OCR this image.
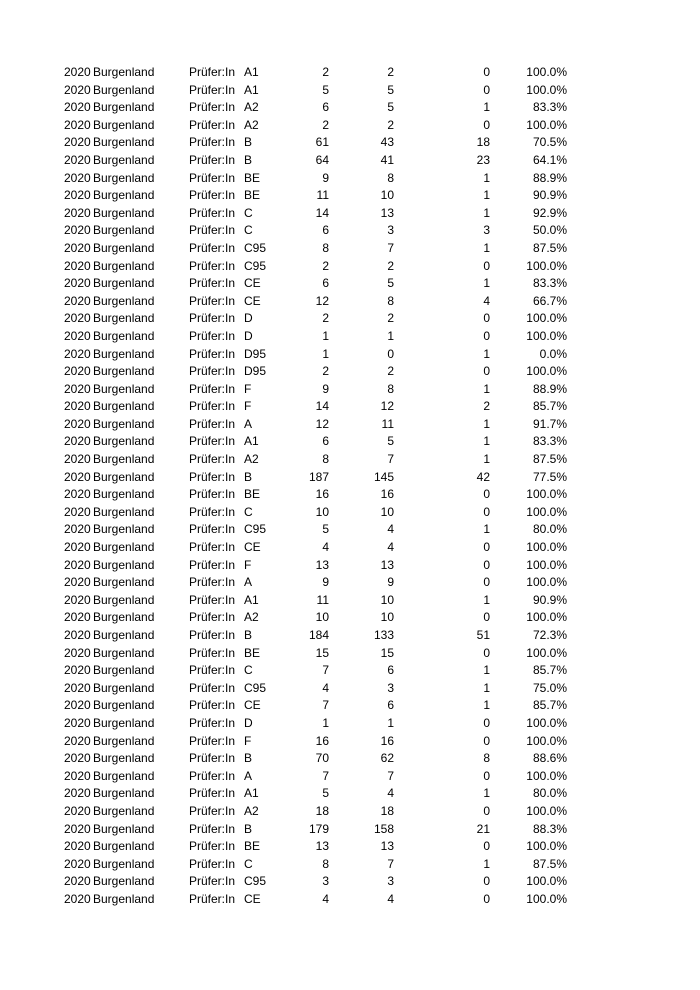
2020 Burgenland	Prüfer:In A1	2	2	0	100.0%
2020 Burgenland	Prüfer:In A1	5	5	0	100.0%
2020 Burgenland	Prüfer:In A2	6	5	1	83.3%
2020 Burgenland	Prüfer:In A2	2	2	0	100.0%
2020 Burgenland	Prüfer:In B	61	43	18	70.5%
2020 Burgenland	Prüfer:In B	64	41	23	64.1%
2020 Burgenland	Prüfer:In BE	9	8	1	88.9%
2020 Burgenland	Prüfer:In BE	11	10	1	90.9%
2020 Burgenland	Prüfer:In C	14	13	1	92.9%
2020 Burgenland	Prüfer:In C	6	3	3	50.0%
2020 Burgenland	Prüfer:In C95	8	7	1	87.5%
2020 Burgenland	Prüfer:In C95	2	2	0	100.0%
2020 Burgenland	Prüfer:In CE	6	5	1	83.3%
2020 Burgenland	Prüfer:In CE	12	8	4	66.7%
2020 Burgenland	Prüfer:In D	2	2	0	100.0%
2020 Burgenland	Prüfer:In D	1	1	0	100.0%
2020 Burgenland	Prüfer:In D95	1	0	1	0.0%
2020 Burgenland	Prüfer:In D95	2	2	0	100.0%
2020 Burgenland	Prüfer:In F	9	8	1	88.9%
2020 Burgenland	Prüfer:In F	14	12	2	85.7%
2020 Burgenland	Prüfer:In A	12	11	1	91.7%
2020 Burgenland	Prüfer:In A1	6	5	1	83.3%
2020 Burgenland	Prüfer:In A2	8	7	1	87.5%
2020 Burgenland	Prüfer:In B	187	145	42	77.5%
2020 Burgenland	Prüfer:In BE	16	16	0	100.0%
2020 Burgenland	Prüfer:In C	10	10	0	100.0%
2020 Burgenland	Prüfer:In C95	5	4	1	80.0%
2020 Burgenland	Prüfer:In CE	4	4	0	100.0%
2020 Burgenland	Prüfer:In F	13	13	0	100.0%
2020 Burgenland	Prüfer:In A	9	9	0	100.0%
2020 Burgenland	Prüfer:In A1	11	10	1	90.9%
2020 Burgenland	Prüfer:In A2	10	10	0	100.0%
2020 Burgenland	Prüfer:In B	184	133	51	72.3%
2020 Burgenland	Prüfer:In BE	15	15	0	100.0%
2020 Burgenland	Prüfer:In C	7	6	1	85.7%
2020 Burgenland	Prüfer:In C95	4	3	1	75.0%
2020 Burgenland	Prüfer:In CE	7	6	1	85.7%
2020 Burgenland	Prüfer:In D	1	1	0	100.0%
2020 Burgenland	Prüfer:In F	16	16	0	100.0%
2020 Burgenland	Prüfer:In B	70	62	8	88.6%
2020 Burgenland	Prüfer:In A	7	7	0	100.0%
2020 Burgenland	Prüfer:In A1	5	4	1	80.0%
2020 Burgenland	Prüfer:In A2	18	18	0	100.0%
2020 Burgenland	Prüfer:In B	179	158	21	88.3%
2020 Burgenland	Prüfer:In BE	13	13	0	100.0%
2020 Burgenland	Prüfer:In C	8	7	1	87.5%
2020 Burgenland	Prüfer:In C95	3	3	0	100.0%
2020 Burgenland	Prüfer:In CE	4	4	0	100.0%
